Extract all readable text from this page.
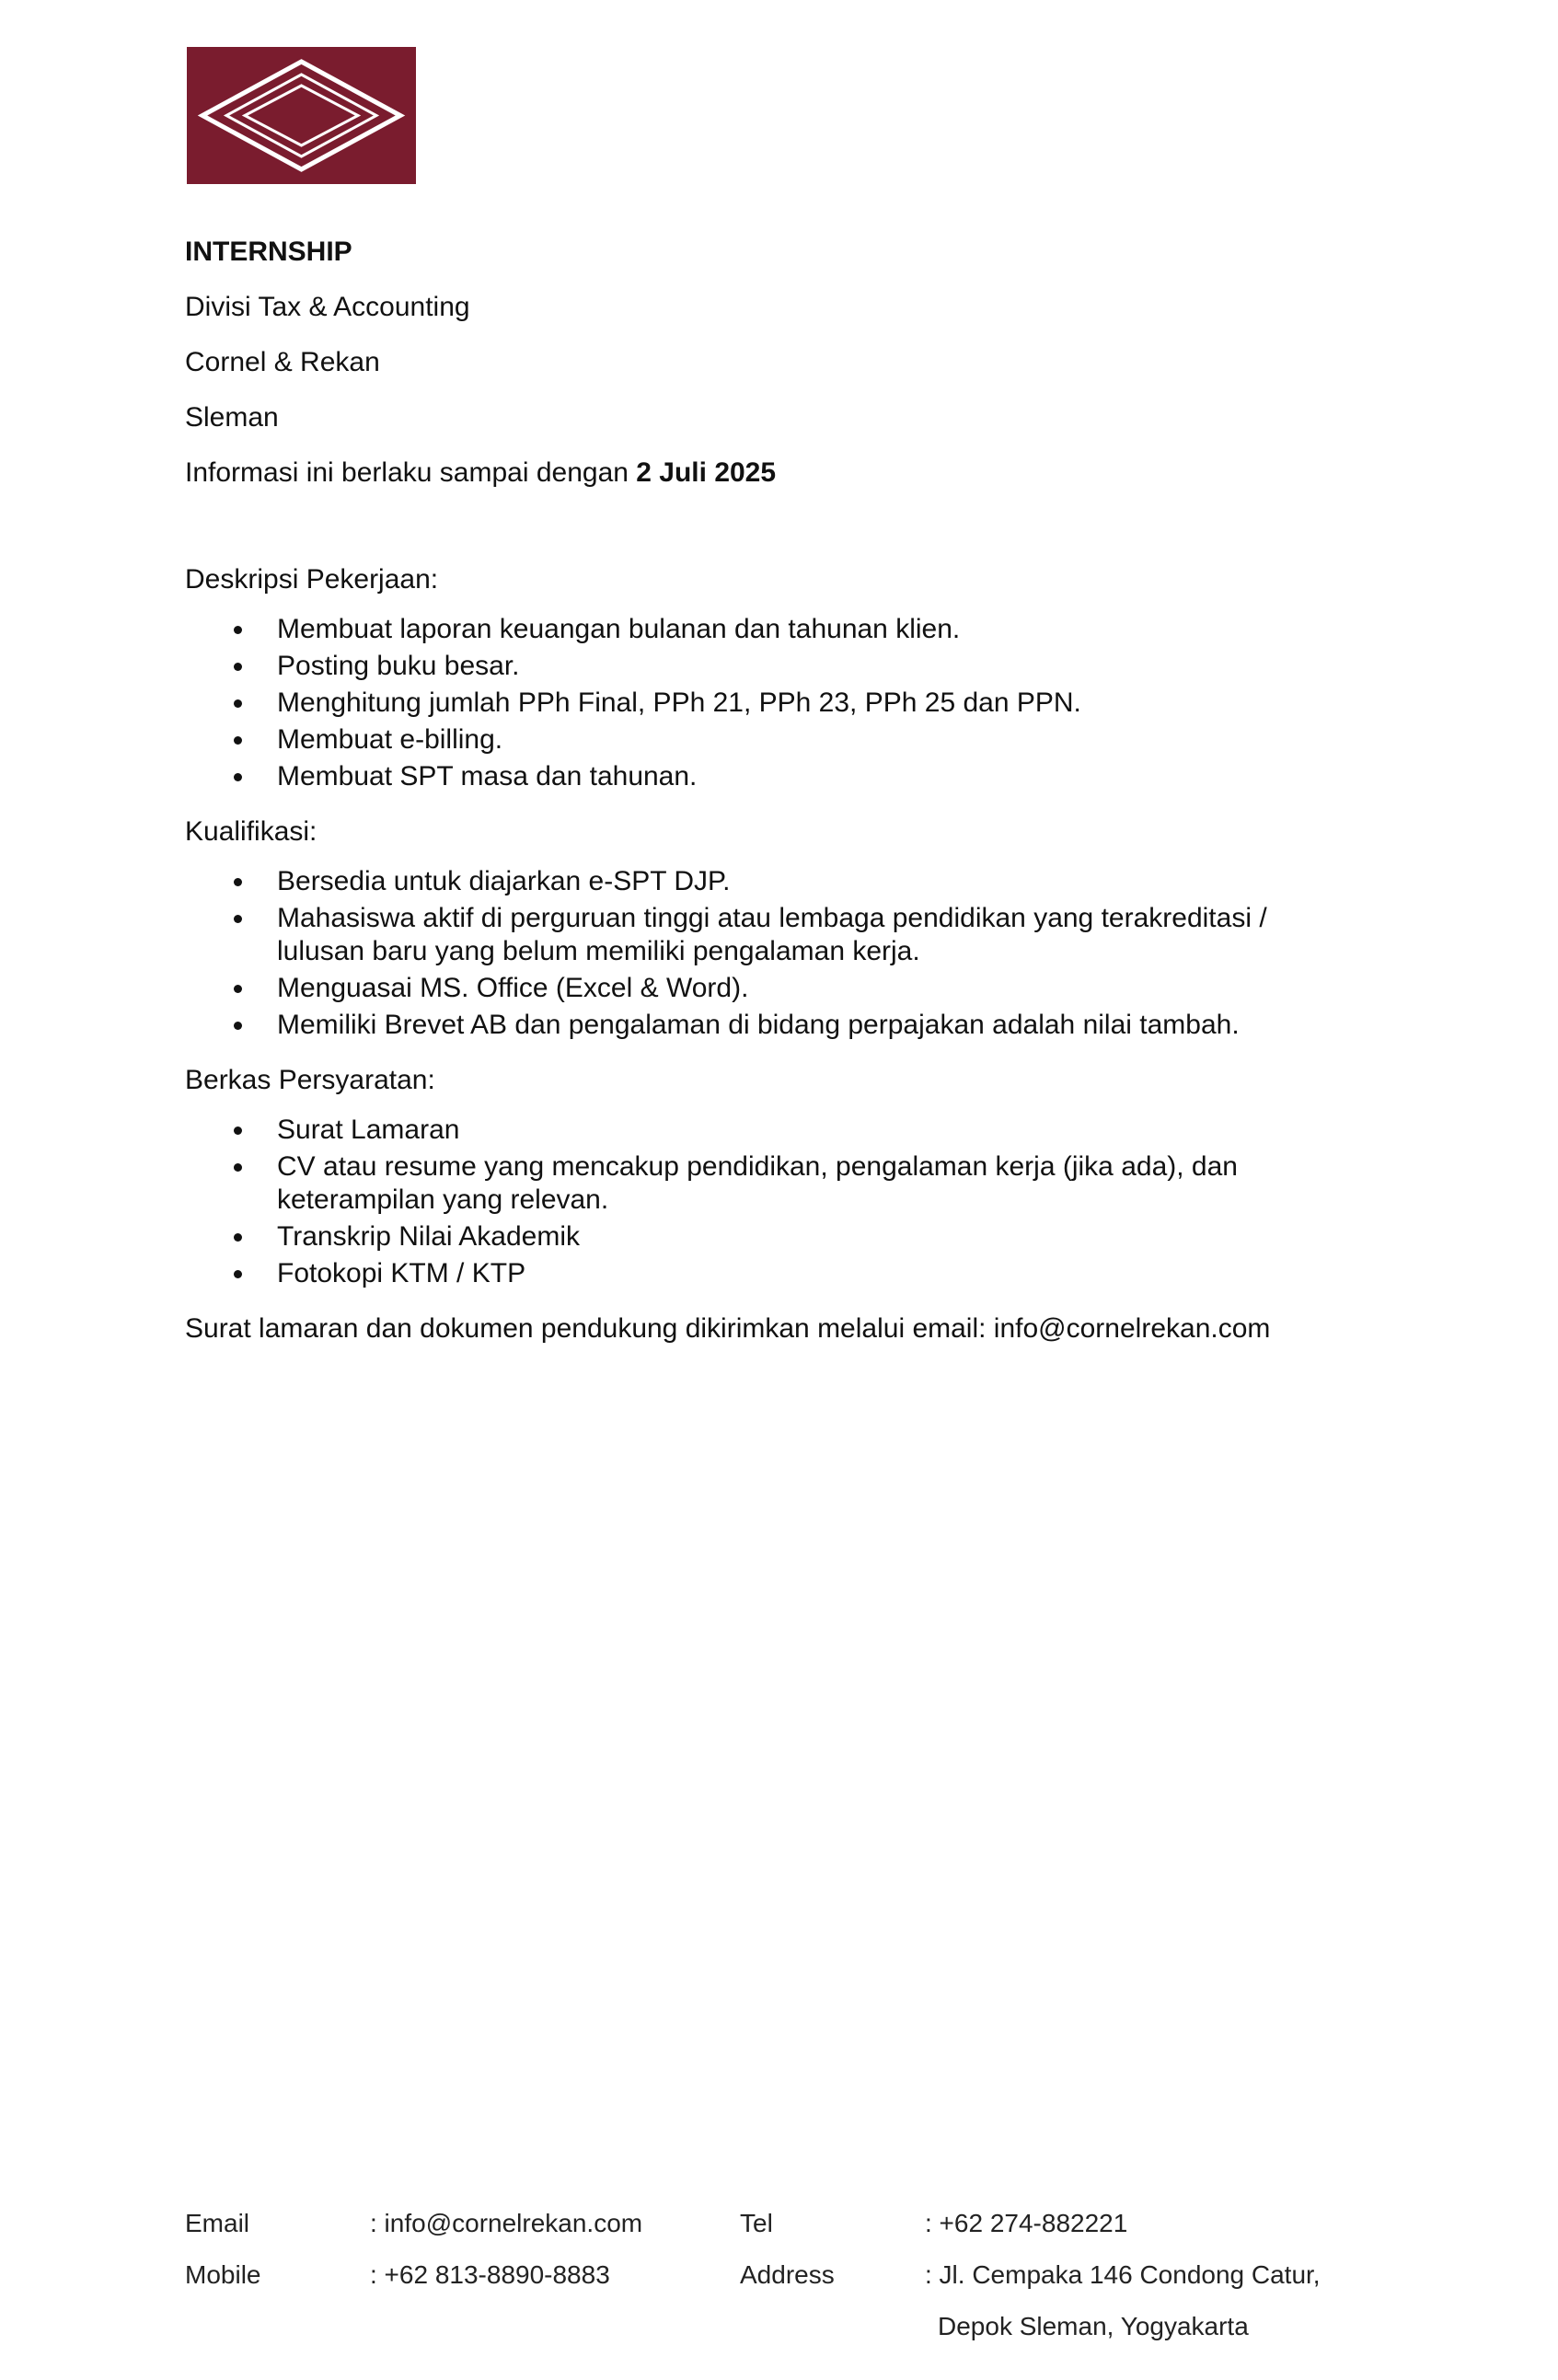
INTERNSHIP
Divisi Tax & Accounting
Cornel & Rekan
Sleman
Informasi ini berlaku sampai dengan 2 Juli 2025
Deskripsi Pekerjaan:
Membuat laporan keuangan bulanan dan tahunan klien.
Posting buku besar.
Menghitung jumlah PPh Final, PPh 21, PPh 23, PPh 25 dan PPN.
Membuat e-billing.
Membuat SPT masa dan tahunan.
Kualifikasi:
Bersedia untuk diajarkan e-SPT DJP.
Mahasiswa aktif di perguruan tinggi atau lembaga pendidikan yang terakreditasi / lulusan baru yang belum memiliki pengalaman kerja.
Menguasai MS. Office (Excel & Word).
Memiliki Brevet AB dan pengalaman di bidang perpajakan adalah nilai tambah.
Berkas Persyaratan:
Surat Lamaran
CV atau resume yang mencakup pendidikan, pengalaman kerja (jika ada), dan keterampilan yang relevan.
Transkrip Nilai Akademik
Fotokopi KTM / KTP
Surat lamaran dan dokumen pendukung dikirimkan melalui email: info@cornelrekan.com
Email	: info@cornelrekan.com	Tel	: +62 274-882221
Mobile	: +62 813-8890-8883	Address	: Jl. Cempaka 146 Condong Catur,
Depok Sleman, Yogyakarta
